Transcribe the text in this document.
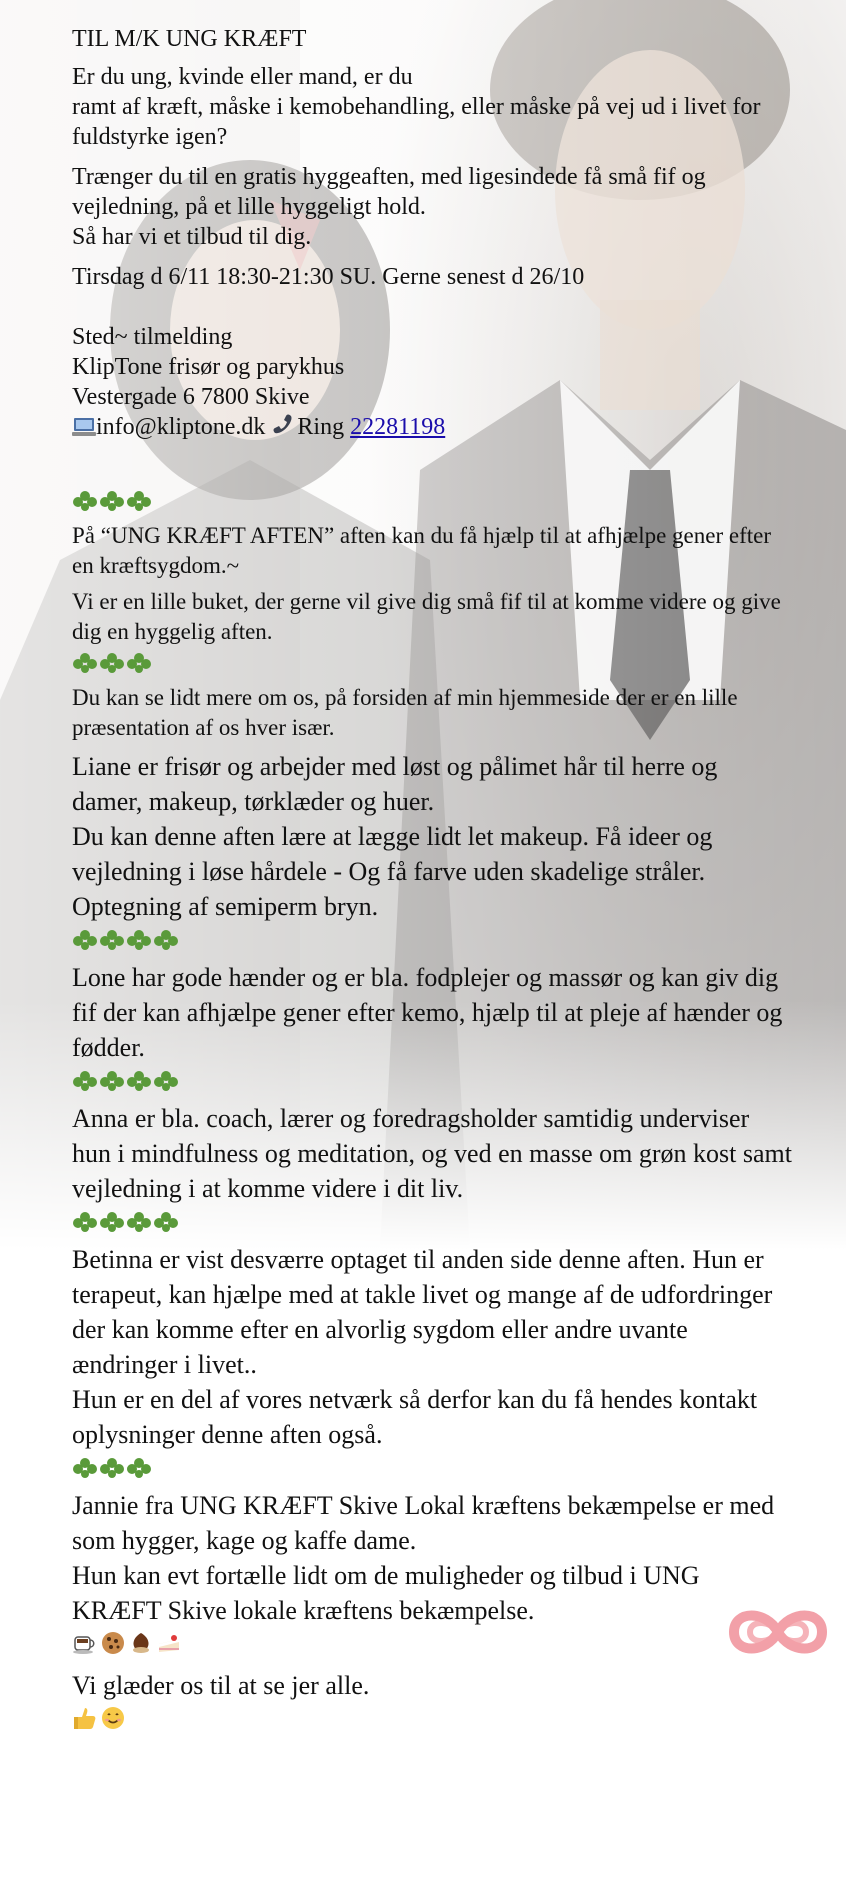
TIL M/K UNG KRÆFT

Er du ung, kvinde eller mand, er du

ramt af kræft, måske i kemobehandling, eller måske på vej ud i livet for fuldstyrke igen?

Trænger du til en gratis hyggeaften, med ligesindede få små fif og vejledning, på et lille hyggeligt hold.

Så har vi et tilbud til dig.

Tirsdag d 6/11 18:30-21:30 SU. Gerne senest d 26/10

Sted~ tilmelding

KlipTone frisør og parykhus

Vestergade 6 7800 Skive

info@kliptone.dk Ring 22281198

På “UNG KRÆFT AFTEN” aften kan du få hjælp til at afhjælpe gener efter en kræftsygdom.~

Vi er en lille buket, der gerne vil give dig små fif til at komme videre og give dig en hyggelig aften.

Du kan se lidt mere om os, på forsiden af min hjemmeside der er en lille præsentation af os hver især.

Liane er frisør og arbejder med løst og pålimet hår til herre og damer, makeup, tørklæder og huer.

Du kan denne aften lære at lægge lidt let makeup. Få ideer og vejledning i løse hårdele - Og få farve uden skadelige stråler. Optegning af semiperm bryn.

Lone har gode hænder og er bla. fodplejer og massør og kan giv dig fif der kan afhjælpe gener efter kemo, hjælp til at pleje af hænder og fødder.

Anna er bla. coach, lærer og foredragsholder samtidig underviser hun i mindfulness og meditation, og ved en masse om grøn kost samt vejledning i at komme videre i dit liv.

Betinna er vist desværre optaget til anden side denne aften. Hun er terapeut, kan hjælpe med at takle livet og mange af de udfordringer der kan komme efter en alvorlig sygdom eller andre uvante ændringer i livet..

Hun er en del af vores netværk så derfor kan du få hendes kontakt oplysninger denne aften også.

Jannie fra UNG KRÆFT Skive Lokal kræftens bekæmpelse er med som hygger, kage og kaffe dame.

Hun kan evt fortælle lidt om de muligheder og tilbud i UNG KRÆFT Skive lokale kræftens bekæmpelse.

Vi glæder os til at se jer alle.
